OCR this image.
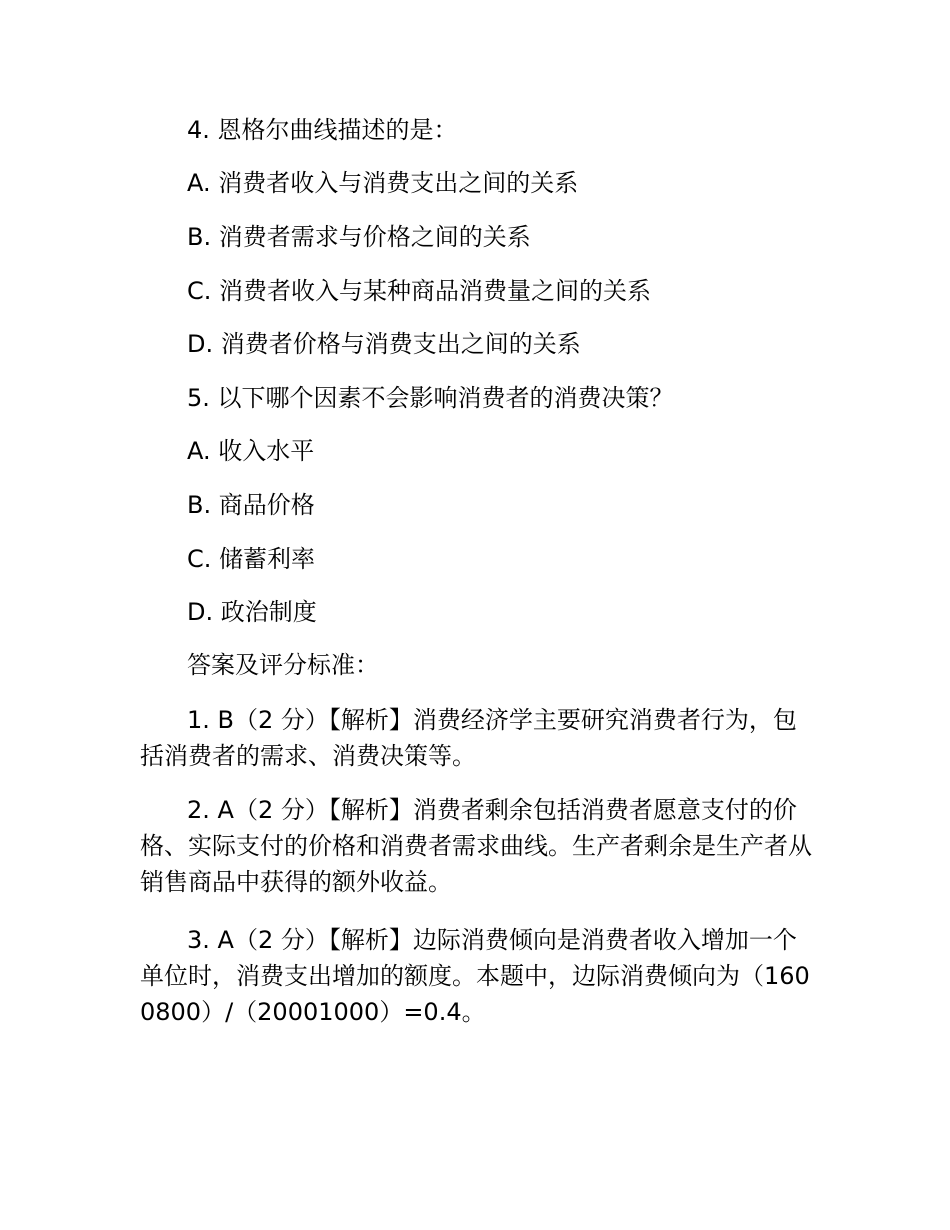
4. 恩格尔曲线描述的是：
A. 消费者收入与消费支出之间的关系
B. 消费者需求与价格之间的关系
C. 消费者收入与某种商品消费量之间的关系
D. 消费者价格与消费支出之间的关系
5. 以下哪个因素不会影响消费者的消费决策？
A. 收入水平
B. 商品价格
C. 储蓄利率
D. 政治制度
答案及评分标准：
1. B（2 分）【解析】消费经济学主要研究消费者行为，包括消费者的需求、消费决策等。
2. A（2 分）【解析】消费者剩余包括消费者愿意支付的价格、实际支付的价格和消费者需求曲线。生产者剩余是生产者从销售商品中获得的额外收益。
3. A（2 分）【解析】边际消费倾向是消费者收入增加一个单位时，消费支出增加的额度。本题中，边际消费倾向为（1600800）/（20001000）=0.4。
